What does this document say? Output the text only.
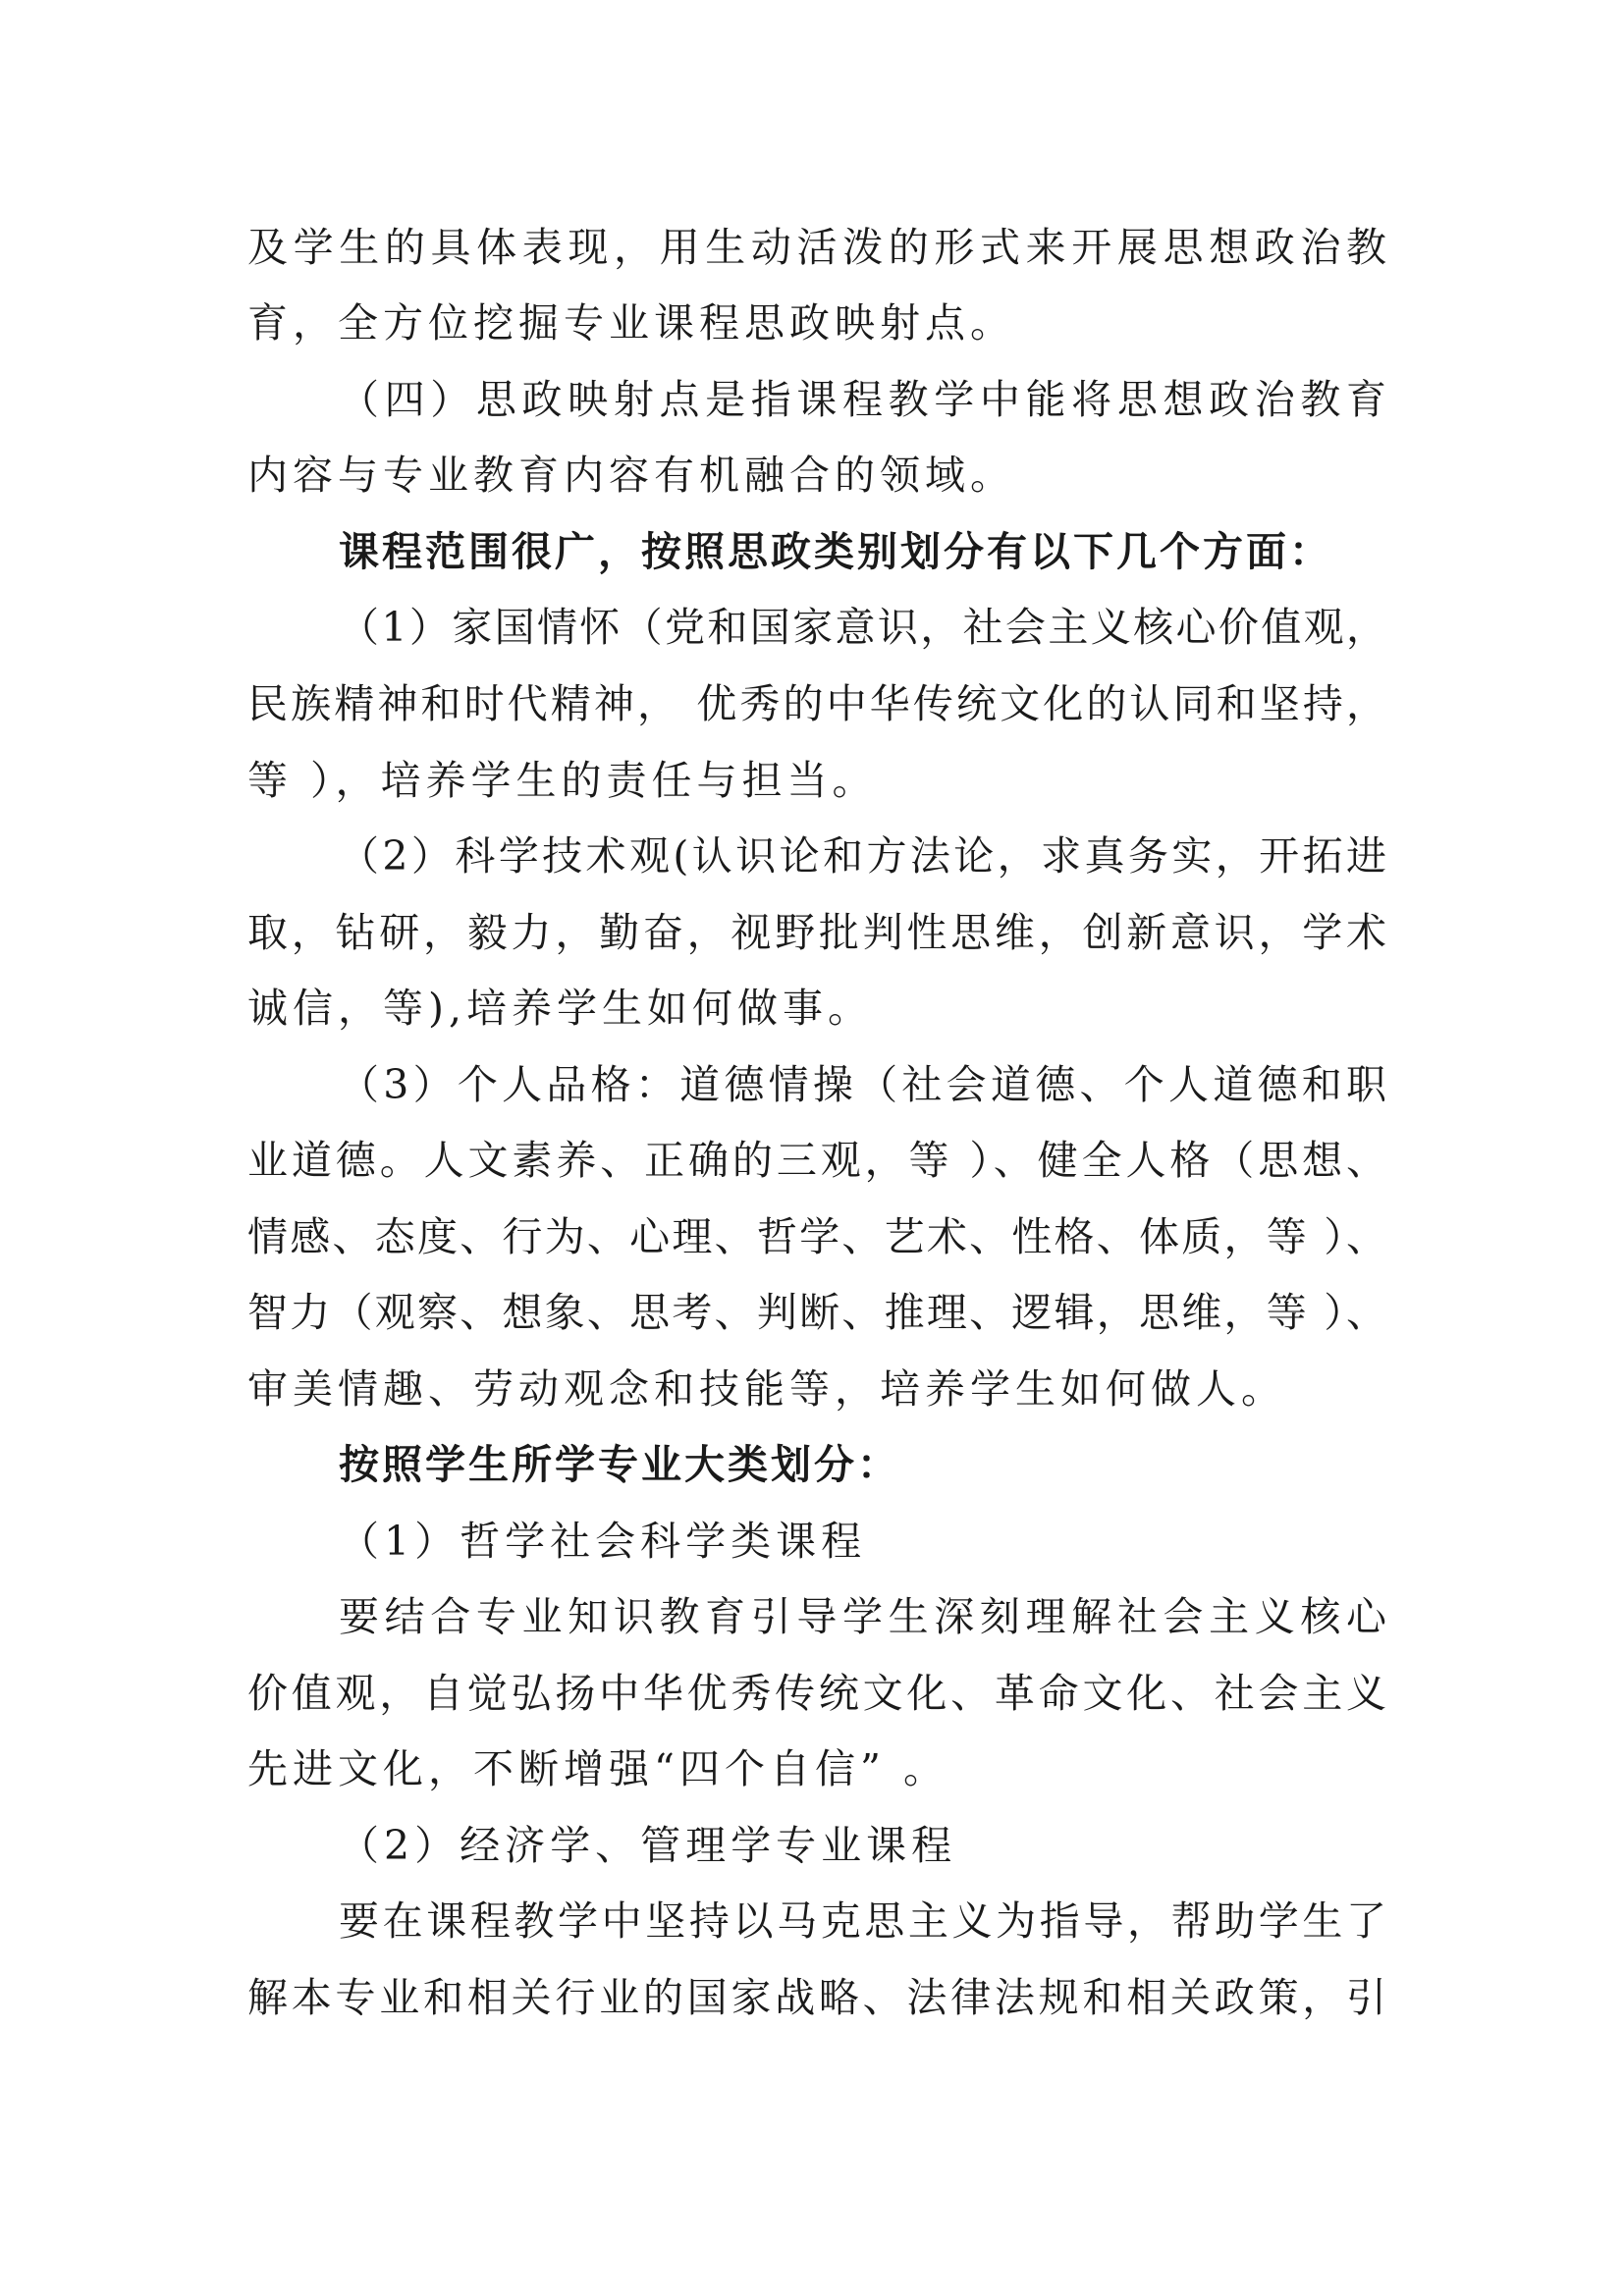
及学生的具体表现，用生动活泼的形式来开展思想政治教
育，全方位挖掘专业课程思政映射点。
（四）思政映射点是指课程教学中能将思想政治教育
内容与专业教育内容有机融合的领域。
课程范围很广，按照思政类别划分有以下几个方面：
（1）家国情怀（党和国家意识，社会主义核心价值观，
民族精神和时代精神， 优秀的中华传统文化的认同和坚持，
等 ），培养学生的责任与担当。
（2）科学技术观(认识论和方法论，求真务实，开拓进
取，钻研，毅力，勤奋，视野批判性思维，创新意识，学术
诚信，等),培养学生如何做事。
（3）个人品格：道德情操（社会道德、个人道德和职
业道德。人文素养、正确的三观，等 ）、健全人格（思想、
情感、态度、行为、心理、哲学、艺术、性格、体质，等 ）、
智力（观察、想象、思考、判断、推理、逻辑，思维，等 ）、
审美情趣、劳动观念和技能等，培养学生如何做人。
按照学生所学专业大类划分：
（1）哲学社会科学类课程
要结合专业知识教育引导学生深刻理解社会主义核心
价值观，自觉弘扬中华优秀传统文化、革命文化、社会主义
先进文化，不断增强“四个自信” 。
（2）经济学、管理学专业课程
要在课程教学中坚持以马克思主义为指导，帮助学生了
解本专业和相关行业的国家战略、法律法规和相关政策，引
